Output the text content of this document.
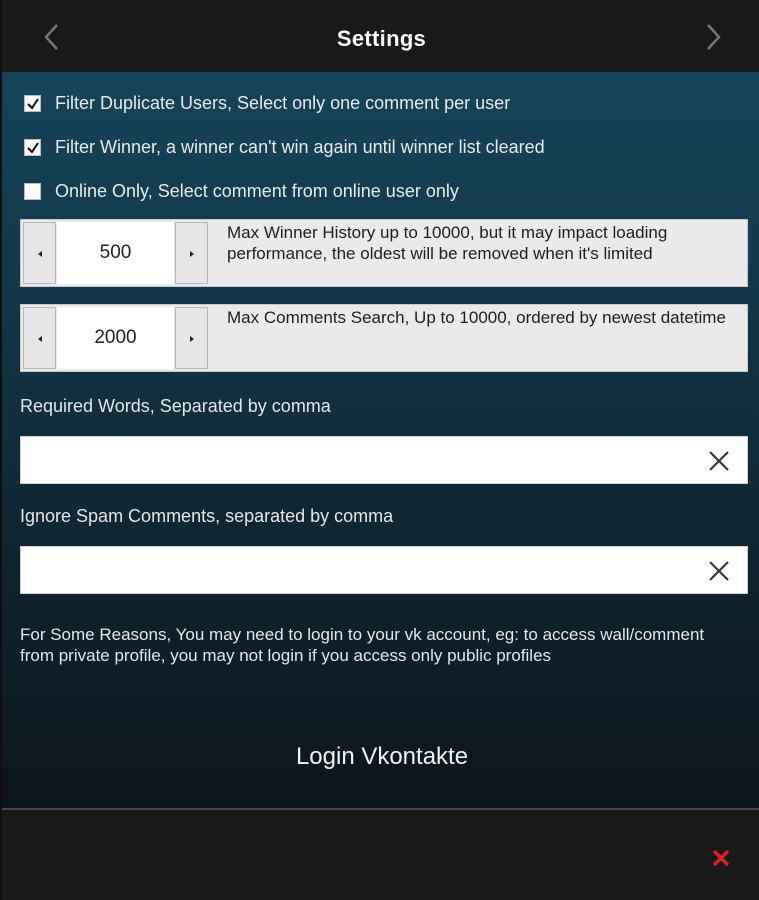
Settings
Filter Duplicate Users, Select only one comment per user
Filter Winner, a winner can't win again until winner list cleared
Online Only, Select comment from online user only
500
Max Winner History up to 10000, but it may impact loading performance, the oldest will be removed when it's limited
2000
Max Comments Search, Up to 10000, ordered by newest datetime
Required Words, Separated by comma
Ignore Spam Comments, separated by comma
For Some Reasons, You may need to login to your vk account, eg: to access wall/comment from private profile, you may not login if you access only public profiles
Login Vkontakte
